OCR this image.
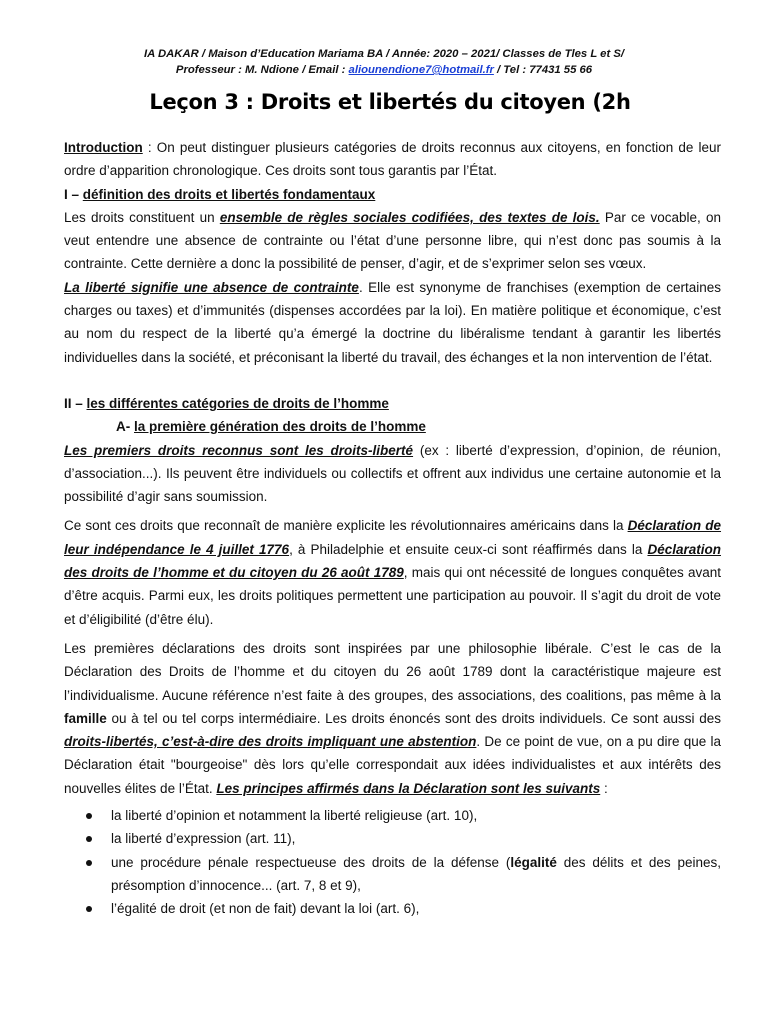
IA DAKAR / Maison d’Education Mariama BA / Année: 2020 – 2021/ Classes de Tles L et S/
Professeur : M. Ndione / Email : aliounendione7@hotmail.fr / Tel : 77431 55 66
Leçon 3 : Droits et libertés du citoyen (2h

Introduction : On peut distinguer plusieurs catégories de droits reconnus aux citoyens, en fonction de leur ordre d’apparition chronologique. Ces droits sont tous garantis par l’État.

I – définition des droits et libertés fondamentaux

Les droits constituent un ensemble de règles sociales codifiées, des textes de lois. Par ce vocable, on veut entendre une absence de contrainte ou l’état d’une personne libre, qui n’est donc pas soumis à la contrainte. Cette dernière a donc la possibilité de penser, d’agir, et de s’exprimer selon ses vœux.

La liberté signifie une absence de contrainte. Elle est synonyme de franchises (exemption de certaines charges ou taxes) et d’immunités (dispenses accordées par la loi). En matière politique et économique, c’est au nom du respect de la liberté qu’a émergé la doctrine du libéralisme tendant à garantir les libertés individuelles dans la société, et préconisant la liberté du travail, des échanges et la non intervention de l’état.

II – les différentes catégories de droits de l’homme

A- la première génération des droits de l’homme

Les premiers droits reconnus sont les droits-liberté (ex : liberté d’expression, d’opinion, de réunion, d’association...). Ils peuvent être individuels ou collectifs et offrent aux individus une certaine autonomie et la possibilité d’agir sans soumission.

Ce sont ces droits que reconnaît de manière explicite les révolutionnaires américains dans la Déclaration de leur indépendance le 4 juillet 1776, à Philadelphie et ensuite ceux-ci sont réaffirmés dans la Déclaration des droits de l’homme et du citoyen du 26 août 1789, mais qui ont nécessité de longues conquêtes avant d’être acquis. Parmi eux, les droits politiques permettent une participation au pouvoir. Il s’agit du droit de vote et d’éligibilité (d’être élu).

Les premières déclarations des droits sont inspirées par une philosophie libérale. C’est le cas de la Déclaration des Droits de l’homme et du citoyen du 26 août 1789 dont la caractéristique majeure est l’individualisme. Aucune référence n’est faite à des groupes, des associations, des coalitions, pas même à la famille ou à tel ou tel corps intermédiaire. Les droits énoncés sont des droits individuels. Ce sont aussi des droits-libertés, c’est-à-dire des droits impliquant une abstention. De ce point de vue, on a pu dire que la Déclaration était "bourgeoise" dès lors qu’elle correspondait aux idées individualistes et aux intérêts des nouvelles élites de l’État. Les principes affirmés dans la Déclaration sont les suivants :

la liberté d’opinion et notamment la liberté religieuse (art. 10),
la liberté d’expression (art. 11),
une procédure pénale respectueuse des droits de la défense (légalité des délits et des peines, présomption d’innocence... (art. 7, 8 et 9),
l’égalité de droit (et non de fait) devant la loi (art. 6),
